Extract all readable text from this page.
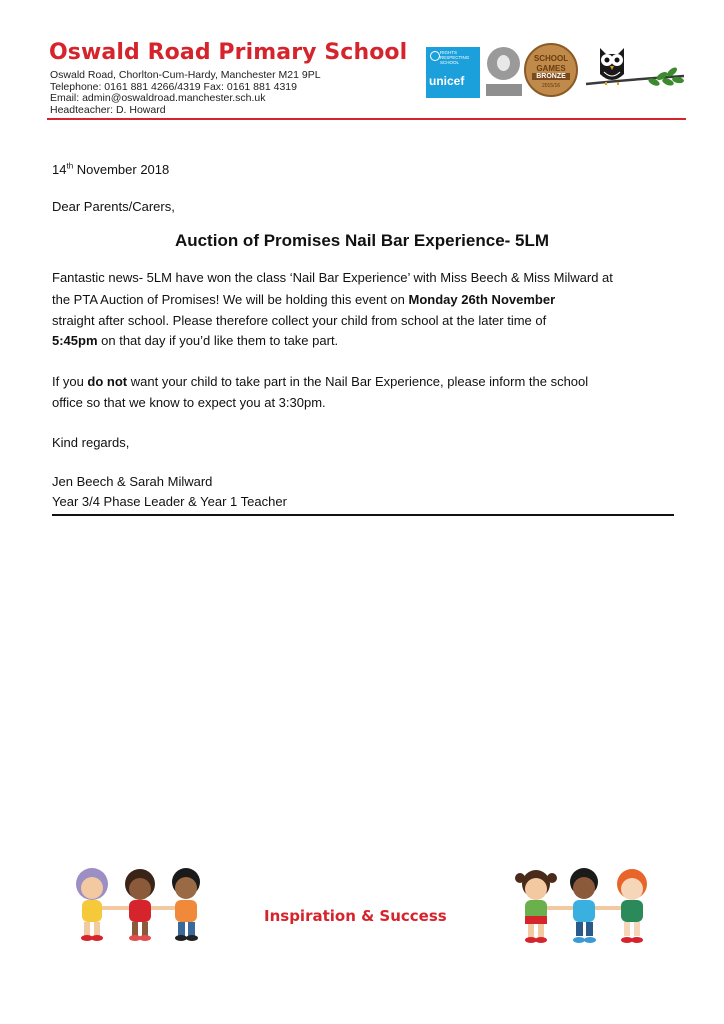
Oswald Road Primary School
Oswald Road, Chorlton-Cum-Hardy, Manchester M21 9PL
Telephone: 0161 881 4266/4319 Fax: 0161 881 4319
Email: admin@oswaldroad.manchester.sch.uk
Headteacher: D. Howard
RIGHTS RESPECTING SCHOOL
unicef
SCHOOL
GAMES
BRONZE
2015/16
14th November 2018
Dear Parents/Carers,
Fantastic news- 5LM have won the class ‘Nail Bar Experience’ with Miss Beech & Miss Milward at
the PTA Auction of Promises! We will be holding this event on Monday 26th November
straight after school. Please therefore collect your child from school at the later time of
5:45pm on that day if you’d like them to take part.
If you do not want your child to take part in the Nail Bar Experience, please inform the school
office so that we know to expect you at 3:30pm.
Kind regards,
Jen Beech & Sarah Milward
Year 3/4 Phase Leader & Year 1 Teacher
Auction of Promises Nail Bar Experience- 5LM
Inspiration & Success
